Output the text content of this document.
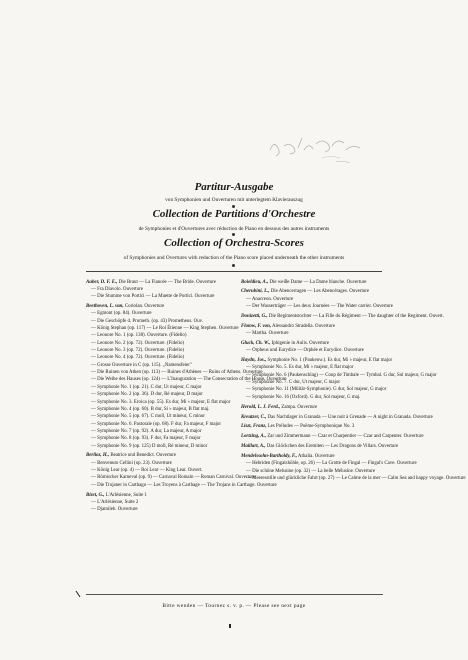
Partitur-Ausgabe
von Symphonien und Ouverturen mit unterlegtem Klavierauszug
Collection de Partitions d'Orchestre
de Symphonies et d'Ouvertures avec réduction de Piano en dessous des autres instruments
Collection of Orchestra-Scores
of Symphonies and Overtures with reduction of the Piano score placed underneath the other instruments
Auber, D. F. E., Die Braut — La Fiancée — The Bride. Ouverture
— Fra Diavolo. Ouverture
— Die Stumme von Portici — La Muette de Portici. Ouverture
Beethoven, L. van, Coriolan. Ouverture
— Egmont (op. 84). Ouverture
— Die Geschöpfe d. Prometh. (op. 43) Prometheus. Ouv.
— König Stephan (op. 117) — Le Roi Étienne — King Stephen. Ouverture
— Leonore No. 1 (op. 138). Ouverture. (Fidelio)
— Leonore No. 2 (op. 72). Ouverture. (Fidelio)
— Leonore No. 3 (op. 72). Ouverture. (Fidelio)
— Leonore No. 4 (op. 72). Ouverture. (Fidelio)
— Grosse Ouverture in C (op. 115). „Namensfeier"
— Die Ruinen von Athen (op. 113) — Ruines d'Athènes — Ruins of Athens. Ouverture
— Die Weihe des Hauses (op. 124) — L'Inauguration — The Consecration of the House. Ouverture
— Symphonie No. 1 (op. 21). C dur, Ut majeur, C major
— Symphonie No. 2 (op. 36). D dur, Ré majeur, D major
— Symphonie No. 3. Eroica (op. 55). Es dur, Mi ♭ majeur, E flat major
— Symphonie No. 4 (op. 60). B dur, Si ♭ majeur, B flat maj.
— Symphonie No. 5 (op. 67). C moll, Ut mineur, C minor
— Symphonie No. 6. Pastorale (op. 68). F dur, Fa majeur, F major
— Symphonie No. 7 (op. 92). A dur, La majeur, A major
— Symphonie No. 8 (op. 93). F dur, Fa majeur, F major
— Symphonie No. 9 (op. 125) D moll, Ré mineur, D minor
Berlioz, H., Beatrice und Benedict. Ouverture
— Benvenuto Cellini (op. 23). Ouverture
— König Lear (op. 4) — Roi Lear — King Lear. Ouvert.
— Römischer Karneval (op. 9) — Carnaval Romain — Roman Carnival. Ouverture
— Die Trojaner in Carthago — Les Troyens à Carthage — The Trojans in Carthage. Ouverture
Bizet, G., L'Arlésienne, Suite 1
— L'Arlésienne, Suite 2
— Djamileh. Ouverture
Boieldieu, A., Die weiße Dame — La Dame blanche. Ouverture
Cherubini, L., Die Abencerragen — Les Abencérages. Ouverture
— Anacreon. Ouverture
— Der Wasserträger — Les deux Journées — The Water carrier. Ouverture
Donizetti, G., Die Regimentstochter — La Fille du Régiment — The daughter of the Regiment. Ouvert.
Flotow, F. von, Alessandro Stradella. Ouverture
— Martha. Ouverture
Gluck, Ch. W., Iphigenie in Aulis. Ouverture
— Orpheus und Eurydice — Orphée et Eurydice. Ouverture
Haydn, Jos., Symphonie No. 1 (Paukenw.). Es dur, Mi ♭ majeur, E flat major
— Symphonie No. 5. Es dur, Mi ♭ majeur, E flat major
— Symphonie No. 6 (Paukenschlag) — Coup de Timbale — Tymbal. G dur, Sol majeur, G major
— Symphonie No. 7. C dur, Ut majeur, C major
— Symphonie No. 11 (Militär-Symphonie). G dur, Sol majeur, G major
— Symphonie No. 16 (Oxford). G dur, Sol majeur, G maj.
Herold, L. J. Ferd., Zampa. Ouverture
Kreutzer, C., Das Nachtlager in Granada — Une nuit à Grenade — A night in Granada. Ouverture
Liszt, Franz, Les Préludes — Poëme-Symphonique No. 3
Lortzing, A., Zar und Zimmermann — Czar et Charpentier — Czar and Carpenter. Ouverture
Maillart, A., Das Glöckchen des Eremiten — Les Dragons de Villars. Ouverture
Mendelssohn-Bartholdy, F., Athalia. Ouverture
— Hebriden (Fingalshöhle, op. 26) — La Grotte de Fingal — Fingal's Cave. Ouverture
— Die schöne Melusine (op. 32) — La belle Mélusine. Ouverture
— Meeresstille und glückliche Fahrt (op. 27) — Le Calme de la mer — Calm Sea and happy voyage. Ouverture
Bitte wenden — Tournez s. v. p. — Please see next page
